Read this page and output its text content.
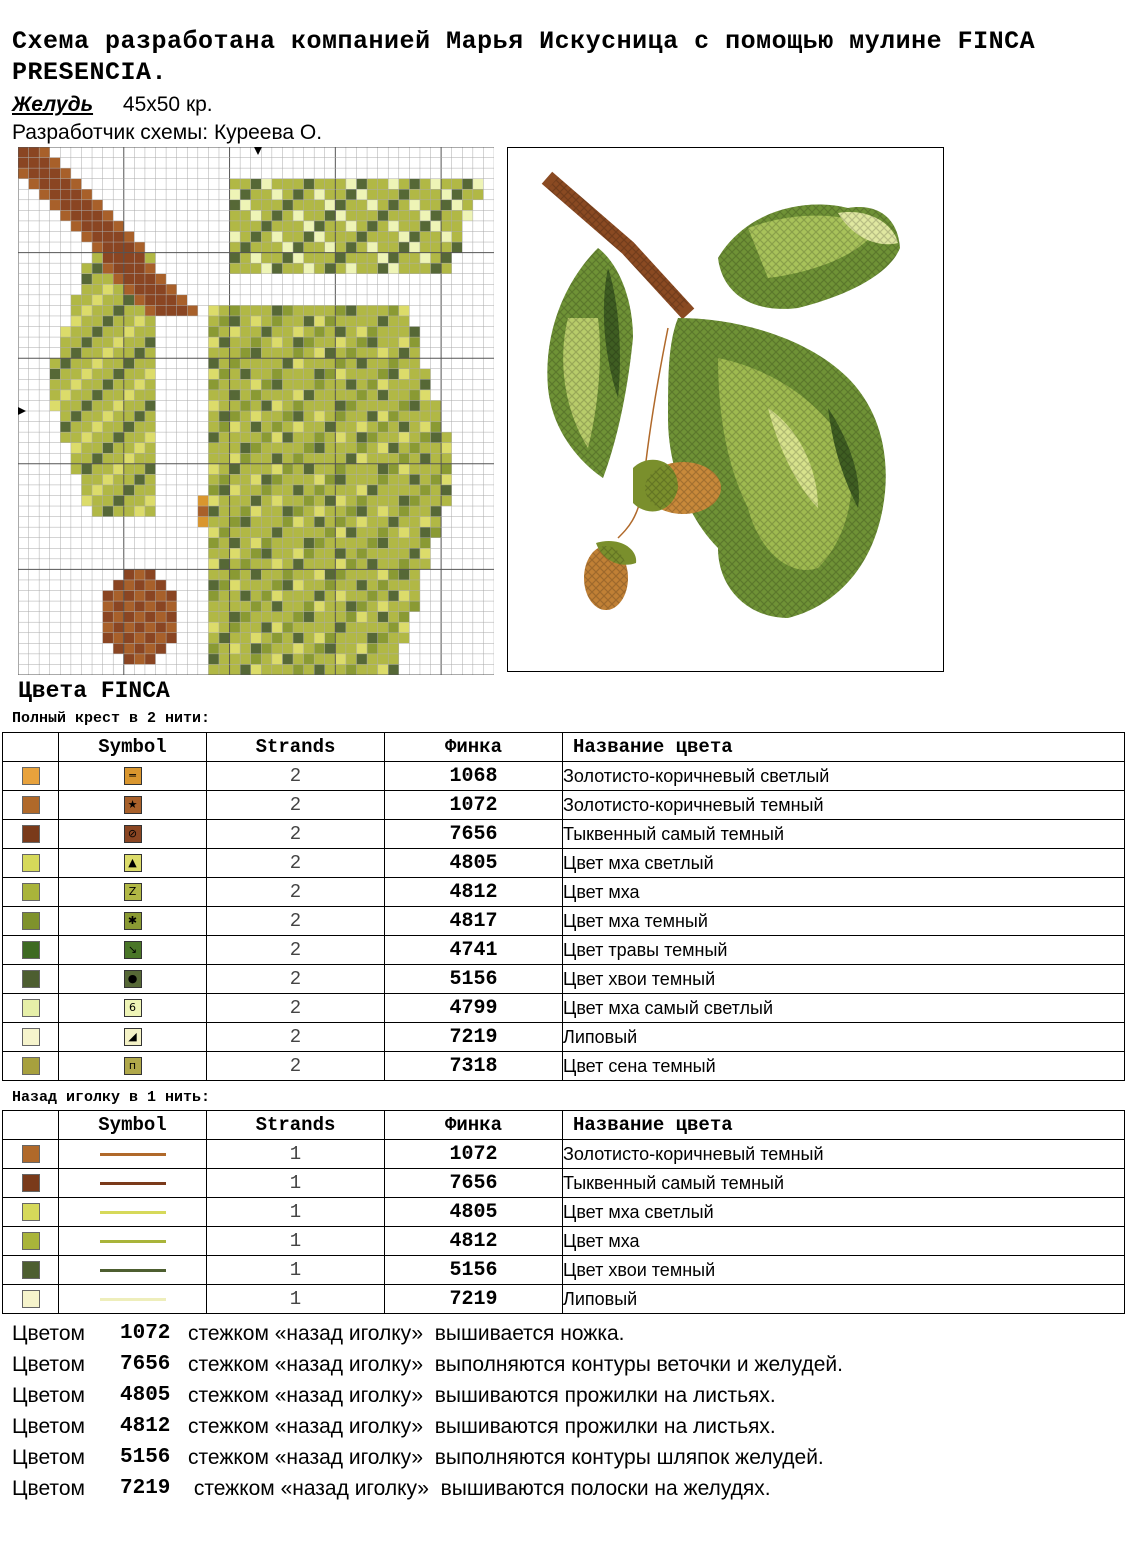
Схема разработана компанией Марья Искусница с помощью мулине FINCA PRESENCIA.
Желудь 45х50 кр.
Разработчик схемы: Куреева О.
Цвета FINCA
Полный крест в 2 нити:
	Symbol	Strands	Финка	Название цвета
	═	2	1068	Золотисто-коричневый светлый
	★	2	1072	Золотисто-коричневый темный
	⊘	2	7656	Тыквенный самый темный
	▲	2	4805	Цвет мха светлый
	Z	2	4812	Цвет мха
	✱	2	4817	Цвет мха темный
	↘	2	4741	Цвет травы темный
	●	2	5156	Цвет хвои темный
	6	2	4799	Цвет мха самый светлый
	◢	2	7219	Липовый
	п	2	7318	Цвет сена темный
Назад иголку в 1 нить:
	Symbol	Strands	Финка	Название цвета
		1	1072	Золотисто-коричневый темный
		1	7656	Тыквенный самый темный
		1	4805	Цвет мха светлый
		1	4812	Цвет мха
		1	5156	Цвет хвои темный
		1	7219	Липовый
Цветом	1072 стежком «назад иголку»  вышивается ножка.
Цветом	7656 стежком «назад иголку»  выполняются контуры веточки и желудей.
Цветом	4805 стежком «назад иголку»  вышиваются прожилки на листьях.
Цветом	4812 стежком «назад иголку»  вышиваются прожилки на листьях.
Цветом	5156 стежком «назад иголку»  выполняются контуры шляпок желудей.
Цветом	7219 стежком «назад иголку»  вышиваются полоски на желудях.
